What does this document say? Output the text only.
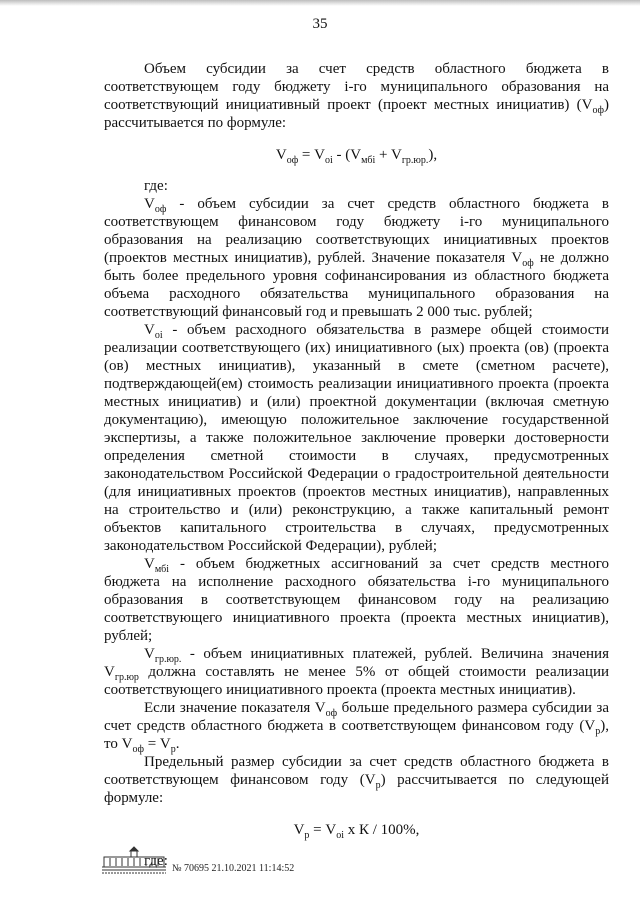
35

Объем субсидии за счет средств областного бюджета в соответствующем году бюджету i-го муниципального образования на соответствующий инициативный проект (проект местных инициатив) $(V_{оф})$ рассчитывается по формуле:

$V_{оф} = V_{oi} - (V_{мбi} + V_{гр.юр.})$,

где:

$V_{оф}$ - объем субсидии за счет средств областного бюджета в соответствующем финансовом году бюджету i-го муниципального образования на реализацию соответствующих инициативных проектов (проектов местных инициатив), рублей. Значение показателя $V_{оф}$ не должно быть более предельного уровня софинансирования из областного бюджета объема расходного обязательства муниципального образования на соответствующий финансовый год и превышать 2 000 тыс. рублей;

$V_{oi}$ - объем расходного обязательства в размере общей стоимости реализации соответствующего (их) инициативного (ых) проекта (ов) (проекта (ов) местных инициатив), указанный в смете (сметном расчете), подтверждающей(ем) стоимость реализации инициативного проекта (проекта местных инициатив) и (или) проектной документации (включая сметную документацию), имеющую положительное заключение государственной экспертизы, а также положительное заключение проверки достоверности определения сметной стоимости в случаях, предусмотренных законодательством Российской Федерации о градостроительной деятельности (для инициативных проектов (проектов местных инициатив), направленных на строительство и (или) реконструкцию, а также капитальный ремонт объектов капитального строительства в случаях, предусмотренных законодательством Российской Федерации), рублей;

$V_{мбi}$ - объем бюджетных ассигнований за счет средств местного бюджета на исполнение расходного обязательства i-го муниципального образования в соответствующем финансовом году на реализацию соответствующего инициативного проекта (проекта местных инициатив), рублей;

$V_{гр.юр.}$ - объем инициативных платежей, рублей. Величина значения $V_{гр.юр}$ должна составлять не менее 5% от общей стоимости реализации соответствующего инициативного проекта (проекта местных инициатив).

Если значение показателя $V_{оф}$ больше предельного размера субсидии за счет средств областного бюджета в соответствующем финансовом году $(V_р)$, то $V_{оф} = V_р$.

Предельный размер субсидии за счет средств областного бюджета в соответствующем финансовом году $(V_р)$ рассчитывается по следующей формуле:

$V_р = V_{oi}$ x К / 100%,

где: № 70695 21.10.2021 11:14:52
